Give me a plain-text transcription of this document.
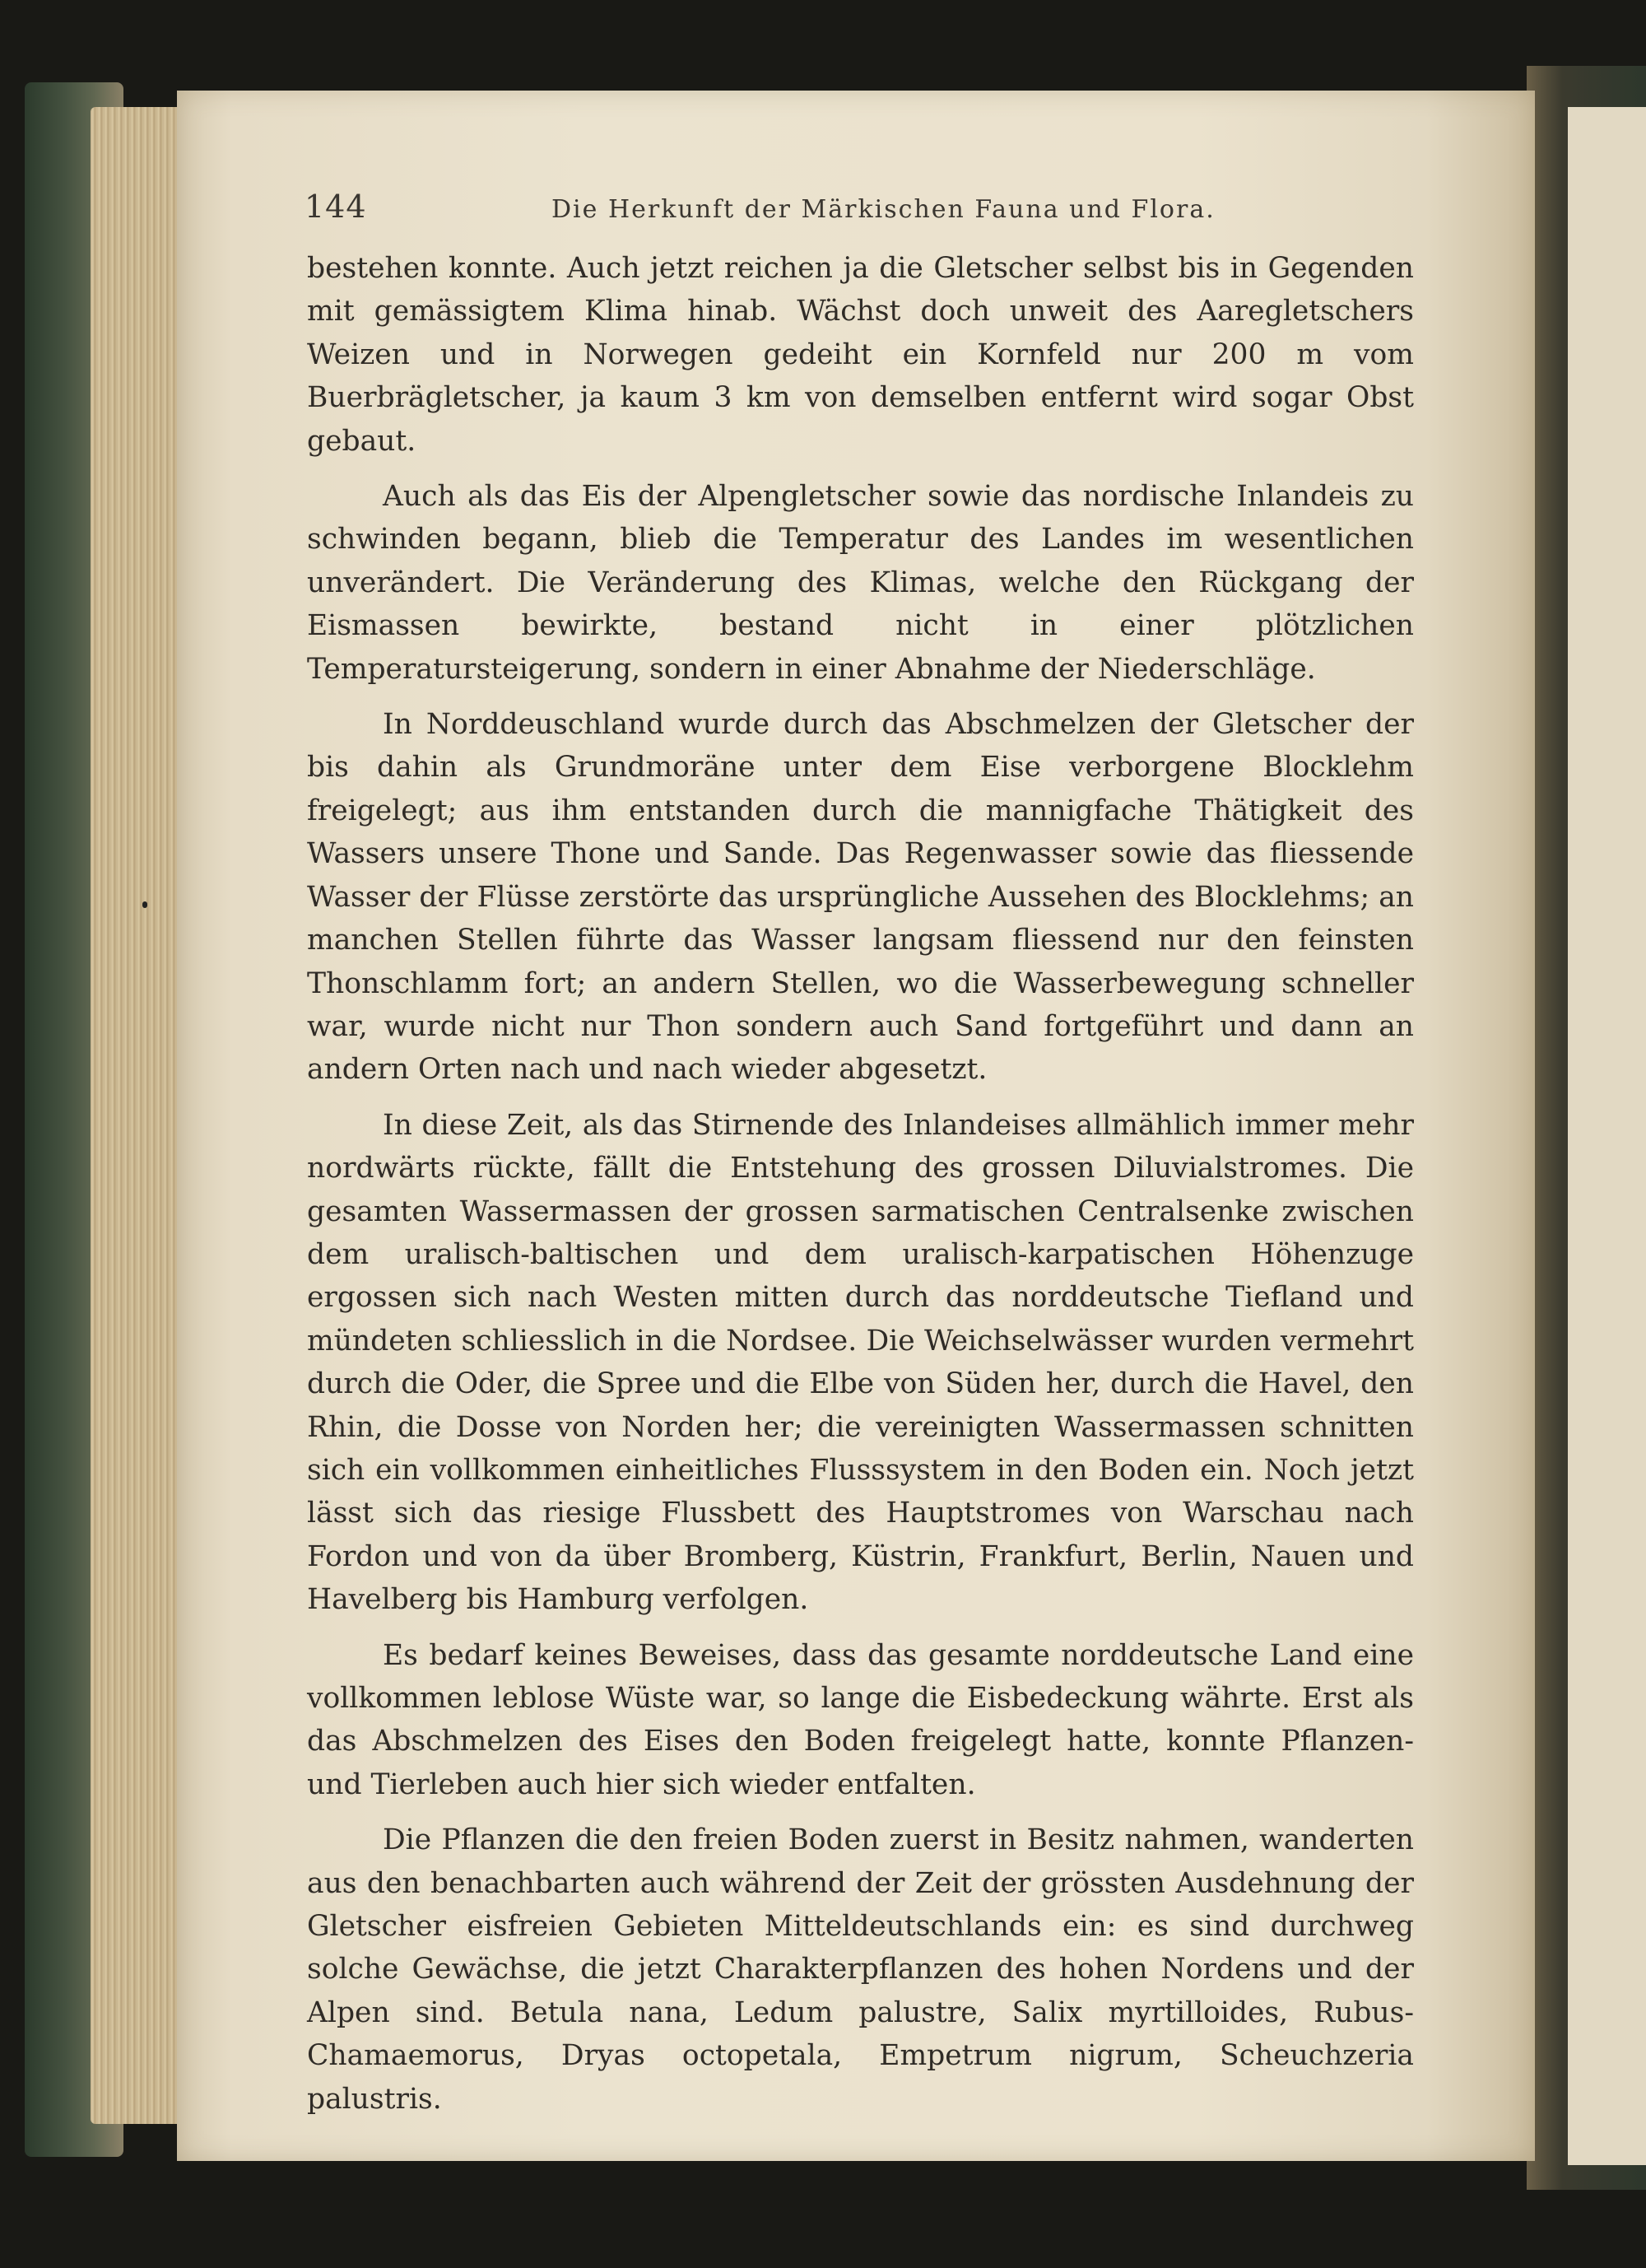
144	Die Herkunft der Märkischen Fauna und Flora.

bestehen konnte. Auch jetzt reichen ja die Gletscher selbst bis in Gegenden mit gemässigtem Klima hinab. Wächst doch unweit des Aaregletschers Weizen und in Norwegen gedeiht ein Kornfeld nur 200 m vom Buerbrägletscher, ja kaum 3 km von demselben entfernt wird sogar Obst gebaut.

Auch als das Eis der Alpengletscher sowie das nordische Inlandeis zu schwinden begann, blieb die Temperatur des Landes im wesentlichen unverändert. Die Veränderung des Klimas, welche den Rückgang der Eismassen bewirkte, bestand nicht in einer plötzlichen Temperatursteigerung, sondern in einer Abnahme der Niederschläge.

In Norddeuschland wurde durch das Abschmelzen der Gletscher der bis dahin als Grundmoräne unter dem Eise verborgene Blocklehm freigelegt; aus ihm entstanden durch die mannigfache Thätigkeit des Wassers unsere Thone und Sande. Das Regenwasser sowie das fliessende Wasser der Flüsse zerstörte das ursprüngliche Aussehen des Blocklehms; an manchen Stellen führte das Wasser langsam fliessend nur den feinsten Thonschlamm fort; an andern Stellen, wo die Wasserbewegung schneller war, wurde nicht nur Thon sondern auch Sand fortgeführt und dann an andern Orten nach und nach wieder abgesetzt.

In diese Zeit, als das Stirnende des Inlandeises allmählich immer mehr nordwärts rückte, fällt die Entstehung des grossen Diluvialstromes. Die gesamten Wassermassen der grossen sarmatischen Centralsenke zwischen dem uralisch-baltischen und dem uralisch-karpatischen Höhenzuge ergossen sich nach Westen mitten durch das norddeutsche Tiefland und mündeten schliesslich in die Nordsee. Die Weichselwässer wurden vermehrt durch die Oder, die Spree und die Elbe von Süden her, durch die Havel, den Rhin, die Dosse von Norden her; die vereinigten Wassermassen schnitten sich ein vollkommen einheitliches Flusssystem in den Boden ein. Noch jetzt lässt sich das riesige Flussbett des Hauptstromes von Warschau nach Fordon und von da über Bromberg, Küstrin, Frankfurt, Berlin, Nauen und Havelberg bis Hamburg verfolgen.

Es bedarf keines Beweises, dass das gesamte norddeutsche Land eine vollkommen leblose Wüste war, so lange die Eisbedeckung währte. Erst als das Abschmelzen des Eises den Boden freigelegt hatte, konnte Pflanzen- und Tierleben auch hier sich wieder entfalten.

Die Pflanzen die den freien Boden zuerst in Besitz nahmen, wanderten aus den benachbarten auch während der Zeit der grössten Ausdehnung der Gletscher eisfreien Gebieten Mitteldeutschlands ein: es sind durchweg solche Gewächse, die jetzt Charakterpflanzen des hohen Nordens und der Alpen sind. Betula nana, Ledum palustre, Salix myrtilloides, Rubus-Chamaemorus, Dryas octopetala, Empetrum nigrum, Scheuchzeria palustris.
